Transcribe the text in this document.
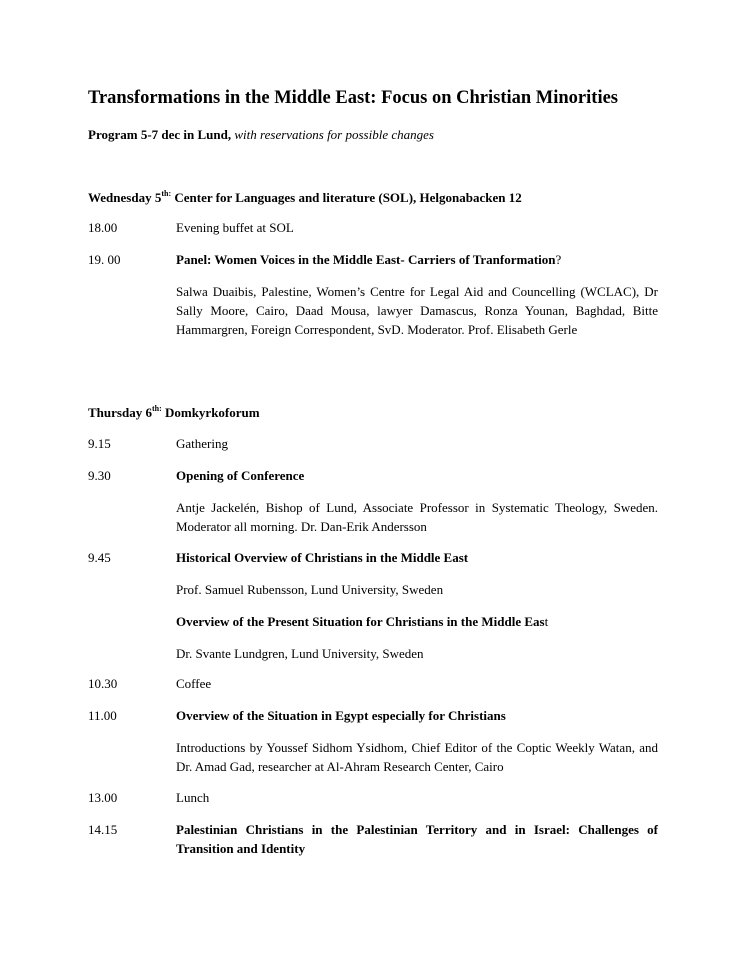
Transformations in the Middle East: Focus on Christian Minorities

Program 5-7 dec in Lund, with reservations for possible changes

Wednesday $5^{th:}$ Center for Languages and literature (SOL), Helgonabacken 12

18.00	Evening buffet at SOL

19. 00	Panel: Women Voices in the Middle East- Carriers of Tranformation?

Salwa Duaibis, Palestine, Women’s Centre for Legal Aid and Councelling (WCLAC), Dr Sally Moore, Cairo, Daad Mousa, lawyer Damascus, Ronza Younan, Baghdad, Bitte Hammargren, Foreign Correspondent, SvD. Moderator. Prof. Elisabeth Gerle

Thursday $6^{th:}$ Domkyrkoforum

9.15	Gathering

9.30	Opening of Conference

Antje Jackelén, Bishop of Lund, Associate Professor in Systematic Theology, Sweden. Moderator all morning. Dr. Dan-Erik Andersson

9.45	Historical Overview of Christians in the Middle East

Prof. Samuel Rubensson, Lund University, Sweden

Overview of the Present Situation for Christians in the Middle East

Dr. Svante Lundgren, Lund University, Sweden

10.30	Coffee

11.00	Overview of the Situation in Egypt especially for Christians

Introductions by Youssef Sidhom Ysidhom, Chief Editor of the Coptic Weekly Watan, and Dr. Amad Gad, researcher at Al-Ahram Research Center, Cairo

13.00	Lunch

14.15	Palestinian Christians in the Palestinian Territory and in Israel: Challenges of Transition and Identity
